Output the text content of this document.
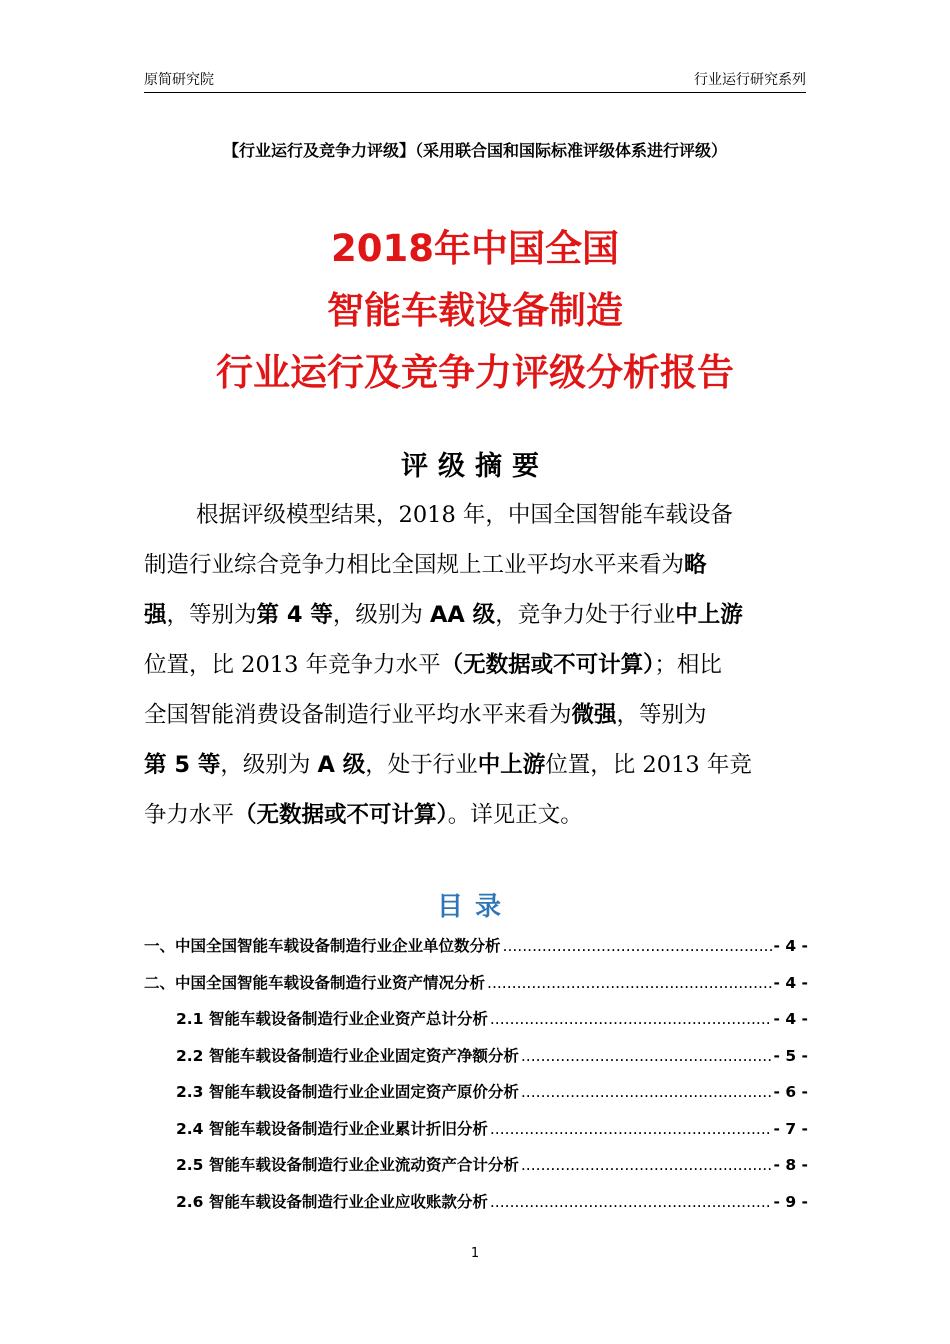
原简研究院	行业运行研究系列
【行业运行及竞争力评级】（采用联合国和国际标准评级体系进行评级）
2018年中国全国
智能车载设备制造
行业运行及竞争力评级分析报告
评级摘要
根据评级模型结果，2018 年，中国全国智能车载设备
制造行业综合竞争力相比全国规上工业平均水平来看为略
强，等别为第 4 等，级别为 AA 级，竞争力处于行业中上游
位置，比 2013 年竞争力水平（无数据或不可计算）；相比
全国智能消费设备制造行业平均水平来看为微强，等别为
第 5 等，级别为 A 级，处于行业中上游位置，比 2013 年竞
争力水平（无数据或不可计算）。详见正文。
目录
一、中国全国智能车载设备制造行业企业单位数分析 .....	- 4 -
二、中国全国智能车载设备制造行业资产情况分析 .....	- 4 -
2.1 智能车载设备制造行业企业资产总计分析 .....	- 4 -
2.2 智能车载设备制造行业企业固定资产净额分析 .....	- 5 -
2.3 智能车载设备制造行业企业固定资产原价分析 .....	- 6 -
2.4 智能车载设备制造行业企业累计折旧分析 .....	- 7 -
2.5 智能车载设备制造行业企业流动资产合计分析 .....	- 8 -
2.6 智能车载设备制造行业企业应收账款分析 .....	- 9 -
1
